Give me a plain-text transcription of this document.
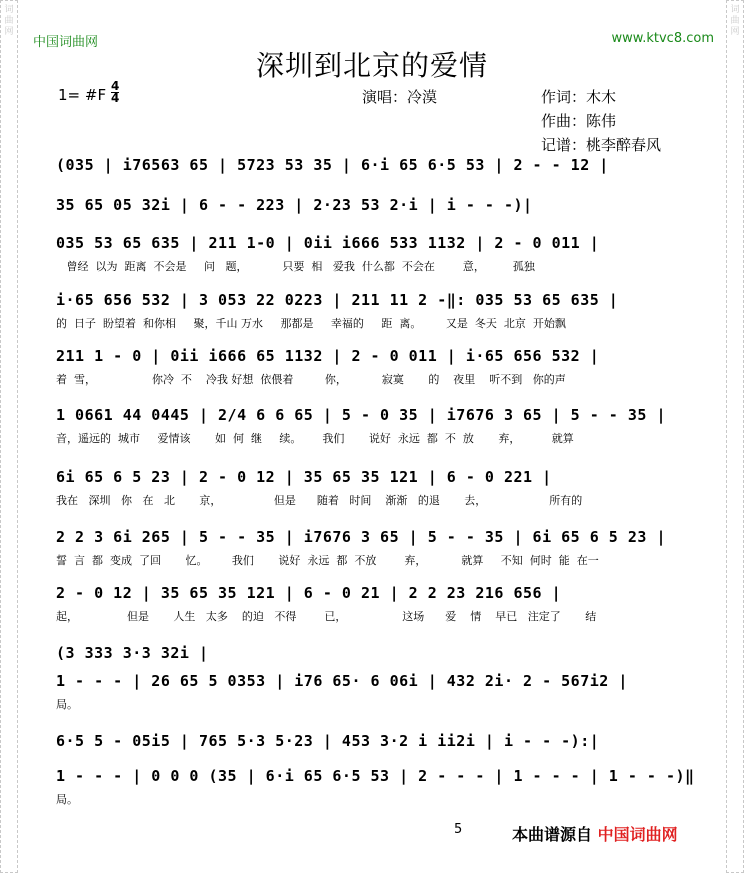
词
曲
网
词
曲
网
中国词曲网	www.ktvc8.com
深圳到北京的爱情
1= #F $\frac{4}{4}$	演唱：冷漠	作词：木木
作曲：陈伟
记谱：桃李醉春风
(035 | i76563 65 | 5723 53 35 | 6·i 65 6·5 53 | 2 - - 12 |
35 65 05 32i | 6 - - 223 | 2·23 53 2·i | i - - -)|
035 53 65 635 | 211 1-0 | 0ii i666 533 1132 | 2 - 0 011 |
曾经  以为  距离  不会是     问   题，          只要  相   爱我  什么都  不会在        意，        孤独
i·65 656 532 | 3 053 22 0223 | 211 11 2 -‖: 035 53 65 635 |
的  日子  盼望着  和你相     聚，千山 万水     那都是     幸福的     距  离。       又是  冬天  北京  开始飘
211 1 - 0 | 0ii i666 65 1132 | 2 - 0 011 | i·65 656 532 |
着  雪，                你冷  不    冷我 好想  依偎着         你，          寂寞       的    夜里    听不到   你的声
1 0661 44 0445 | 2/4 6 6 65 | 5 - 0 35 | i7676 3 65 | 5 - - 35 |
音，遥远的  城市     爱情该       如  何  继     续。      我们       说好  永远  都  不  放       弃，         就算
6i 65 6 5 23 | 2 - 0 12 | 35 65 35 121 | 6 - 0 221 |
我在   深圳   你   在   北       京，               但是      随着   时间    渐渐   的退       去，                  所有的
2 2 3 6i 265 | 5 - - 35 | i7676 3 65 | 5 - - 35 | 6i 65 6 5 23 |
誓  言  都  变成  了回       忆。       我们       说好  永远  都  不放        弃，          就算     不知  何时  能  在一
2 - 0 12 | 35 65 35 121 | 6 - 0 21 | 2 2 23 216 656 |
起，              但是       人生   太多    的迫   不得        已，                这场      爱    情    早已   注定了       结
(3 333 3·3 32i |
1 - - - | 26 65 5 0353 | i76 65· 6 06i | 432 2i· 2 - 567i2 |
局。
6·5 5 - 05i5 | 765 5·3 5·23 | 453 3·2 i ii2i | i - - -):|
1 - - - | 0 0 0 (35 | 6·i 65 6·5 53 | 2 - - - | 1 - - - | 1 - - -)‖
局。
5	本曲谱源自 中国词曲网
